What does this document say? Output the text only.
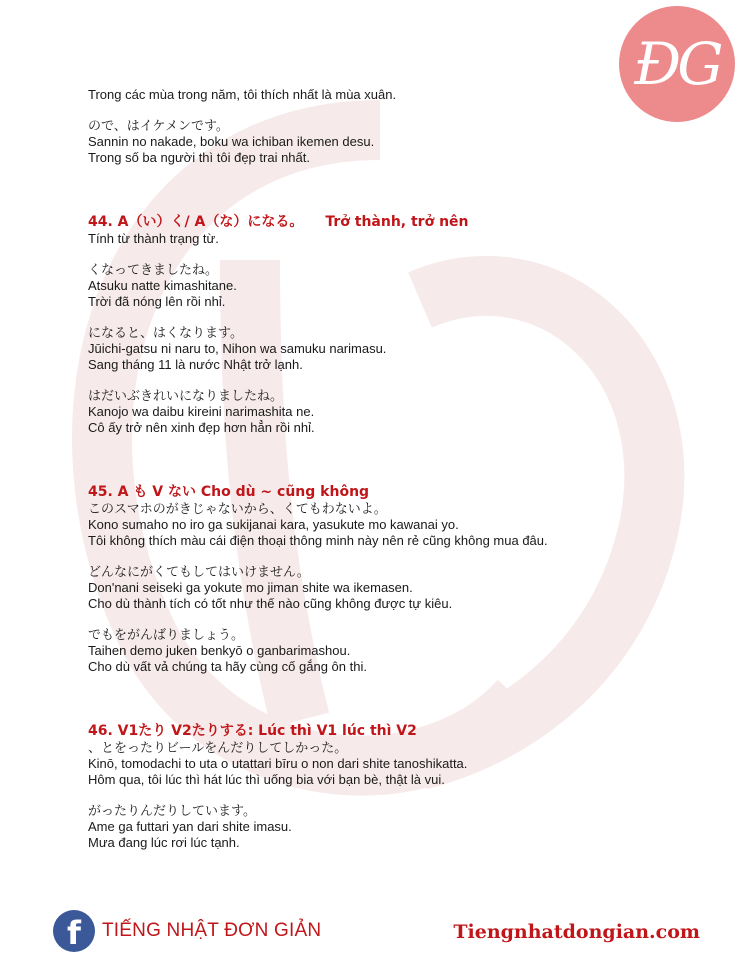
ĐG
Trong các mùa trong năm, tôi thích nhất là mùa xuân.
ので、はイケメンです。
Sannin no nakade, boku wa ichiban ikemen desu.
Trong số ba người thì tôi đẹp trai nhất.
44. A（い）く/ A（な）になる。 Trở thành, trở nên
Tính từ thành trạng từ.
くなってきましたね。
Atsuku natte kimashitane.
Trời đã nóng lên rồi nhỉ.
になると、はくなります。
Jūichi-gatsu ni naru to, Nihon wa samuku narimasu.
Sang tháng 11 là nước Nhật trở lạnh.
はだいぶきれいになりましたね。
Kanojo wa daibu kireini narimashita ne.
Cô ấy trở nên xinh đẹp hơn hẳn rồi nhỉ.
45. A も V ない Cho dù ~ cũng không
このスマホのがきじゃないから、くてもわないよ。
Kono sumaho no iro ga sukijanai kara, yasukute mo kawanai yo.
Tôi không thích màu cái điện thoại thông minh này nên rẻ cũng không mua đâu.
どんなにがくてもしてはいけません。
Don'nani seiseki ga yokute mo jiman shite wa ikemasen.
Cho dù thành tích có tốt như thế nào cũng không được tự kiêu.
でもをがんばりましょう。
Taihen demo juken benkyō o ganbarimashou.
Cho dù vất vả chúng ta hãy cùng cố gắng ôn thi.
46. V1たり V2たりする: Lúc thì V1 lúc thì V2
、とをったりビールをんだりしてしかった。
Kinō, tomodachi to uta o utattari bīru o non dari shite tanoshikatta.
Hôm qua, tôi lúc thì hát lúc thì uống bia với bạn bè, thật là vui.
がったりんだりしています。
Ame ga futtari yan dari shite imasu.
Mưa đang lúc rơi lúc tạnh.
f	TIẾNG NHẬT ĐƠN GIẢN	Tiengnhatdongian.com
